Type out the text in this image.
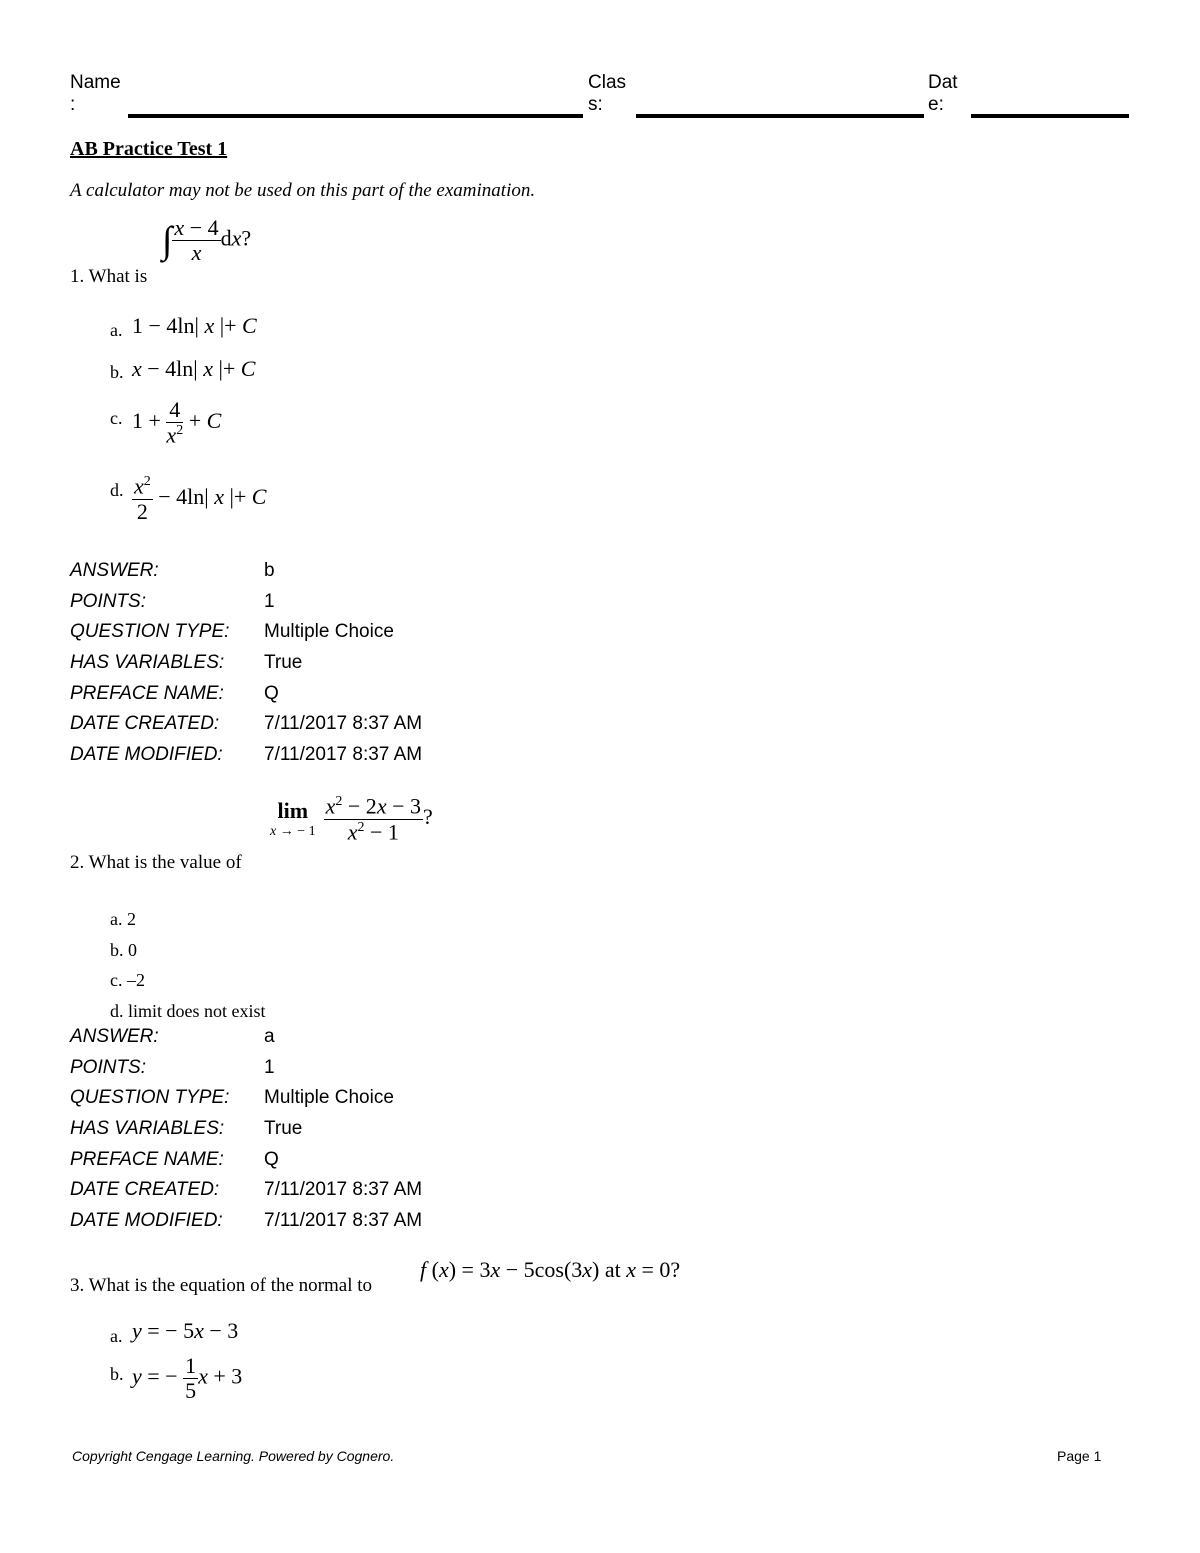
Name
:
Clas
s:
Dat
e:
AB Practice Test 1
A calculator may not be used on this part of the examination.
1. What is
∫ $\frac{x - 4}{x}$ dx?
a. 1 − 4ln| x |+ C
b. x − 4ln| x |+ C
c. $1 + \frac{4}{x^2} + C$
d. $\frac{x^2}{2} - 4\ln|$ x |+ C
ANSWER:	b
POINTS:	1
QUESTION TYPE: Multiple Choice
HAS VARIABLES: True
PREFACE NAME: Q
DATE CREATED: 7/11/2017 8:37 AM
DATE MODIFIED: 7/11/2017 8:37 AM
2. What is the value of
lim
x → − $1 \frac{x^2 - 2x - 3}{x^2 - 1}$ ?
a. 2
b. 0
c. –2
d. limit does not exist
ANSWER:	a
POINTS:	1
QUESTION TYPE: Multiple Choice
HAS VARIABLES: True
PREFACE NAME: Q
DATE CREATED: 7/11/2017 8:37 AM
DATE MODIFIED: 7/11/2017 8:37 AM
3. What is the equation of the normal to
f (x) = 3x − 5cos(3x) at x = 0?
a. y = − 5x − 3
b. y = − $\frac{1}{5}$ x + 3
Copyright Cengage Learning. Powered by Cognero.	Page 1
